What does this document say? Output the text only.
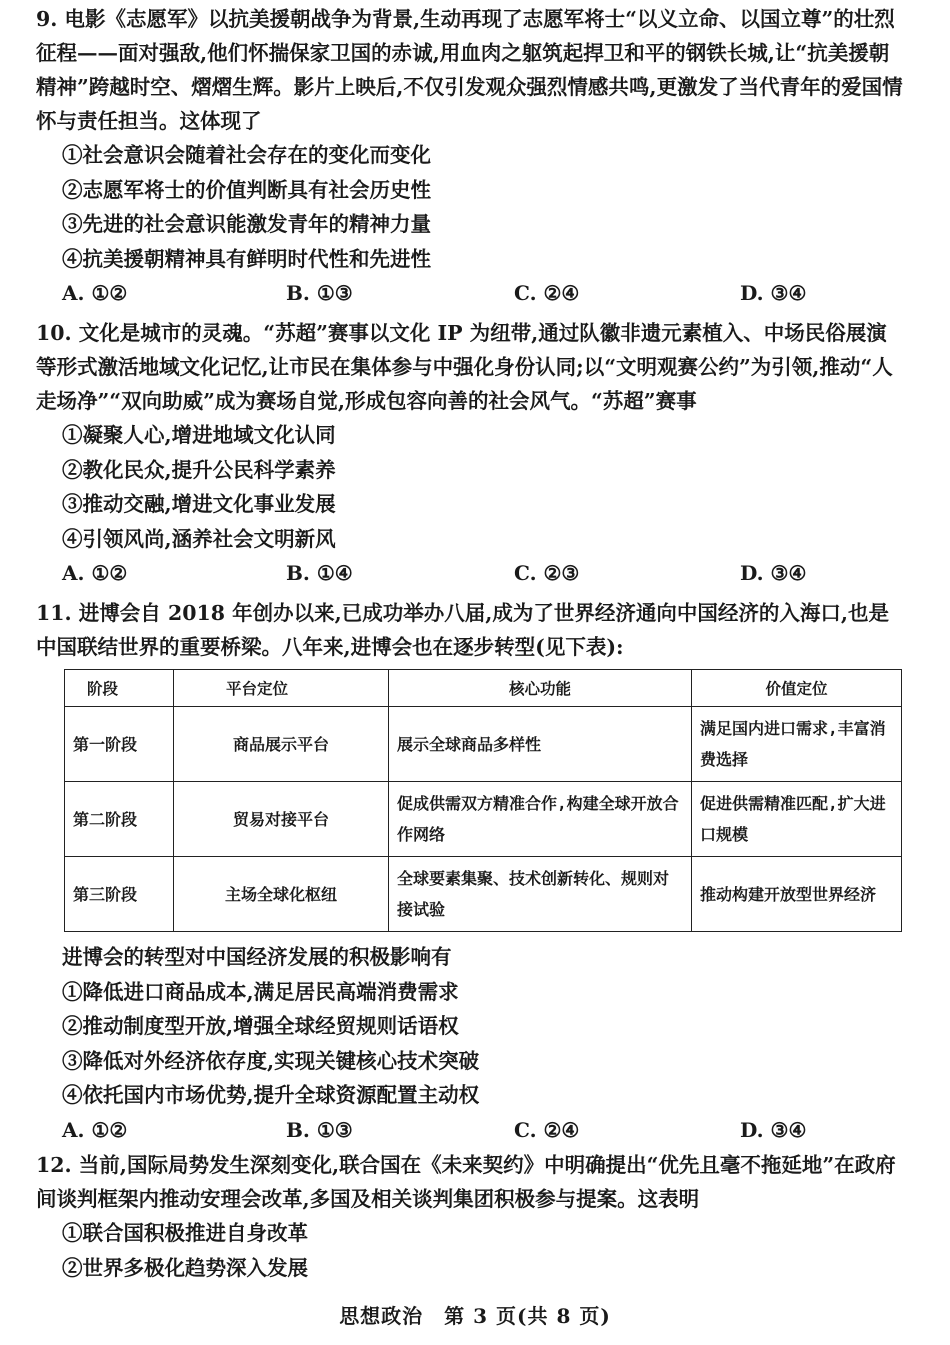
9. 电影《志愿军》以抗美援朝战争为背景,生动再现了志愿军将士“以义立命、以国立尊”的壮烈征程——面对强敌,他们怀揣保家卫国的赤诚,用血肉之躯筑起捍卫和平的钢铁长城,让“抗美援朝精神”跨越时空、熠熠生辉。影片上映后,不仅引发观众强烈情感共鸣,更激发了当代青年的爱国情怀与责任担当。这体现了
①社会意识会随着社会存在的变化而变化
②志愿军将士的价值判断具有社会历史性
③先进的社会意识能激发青年的精神力量
④抗美援朝精神具有鲜明时代性和先进性
A. ①②	B. ①③	C. ②④	D. ③④
10. 文化是城市的灵魂。“苏超”赛事以文化 IP 为纽带,通过队徽非遗元素植入、中场民俗展演等形式激活地域文化记忆,让市民在集体参与中强化身份认同;以“文明观赛公约”为引领,推动“人走场净”“双向助威”成为赛场自觉,形成包容向善的社会风气。“苏超”赛事
①凝聚人心,增进地域文化认同
②教化民众,提升公民科学素养
③推动交融,增进文化事业发展
④引领风尚,涵养社会文明新风
A. ①②	B. ①④	C. ②③	D. ③④
11. 进博会自 2018 年创办以来,已成功举办八届,成为了世界经济通向中国经济的入海口,也是中国联结世界的重要桥梁。八年来,进博会也在逐步转型(见下表):
阶段	平台定位	核心功能	价值定位
第一阶段	商品展示平台	展示全球商品多样性	满足国内进口需求,丰富消费选择
第二阶段	贸易对接平台	促成供需双方精准合作,构建全球开放合作网络	促进供需精准匹配,扩大进口规模
第三阶段	主场全球化枢纽	全球要素集聚、技术创新转化、规则对接试验	推动构建开放型世界经济
进博会的转型对中国经济发展的积极影响有
①降低进口商品成本,满足居民高端消费需求
②推动制度型开放,增强全球经贸规则话语权
③降低对外经济依存度,实现关键核心技术突破
④依托国内市场优势,提升全球资源配置主动权
A. ①②	B. ①③	C. ②④	D. ③④
12. 当前,国际局势发生深刻变化,联合国在《未来契约》中明确提出“优先且毫不拖延地”在政府间谈判框架内推动安理会改革,多国及相关谈判集团积极参与提案。这表明
①联合国积极推进自身改革
②世界多极化趋势深入发展
思想政治　第 3 页(共 8 页)
